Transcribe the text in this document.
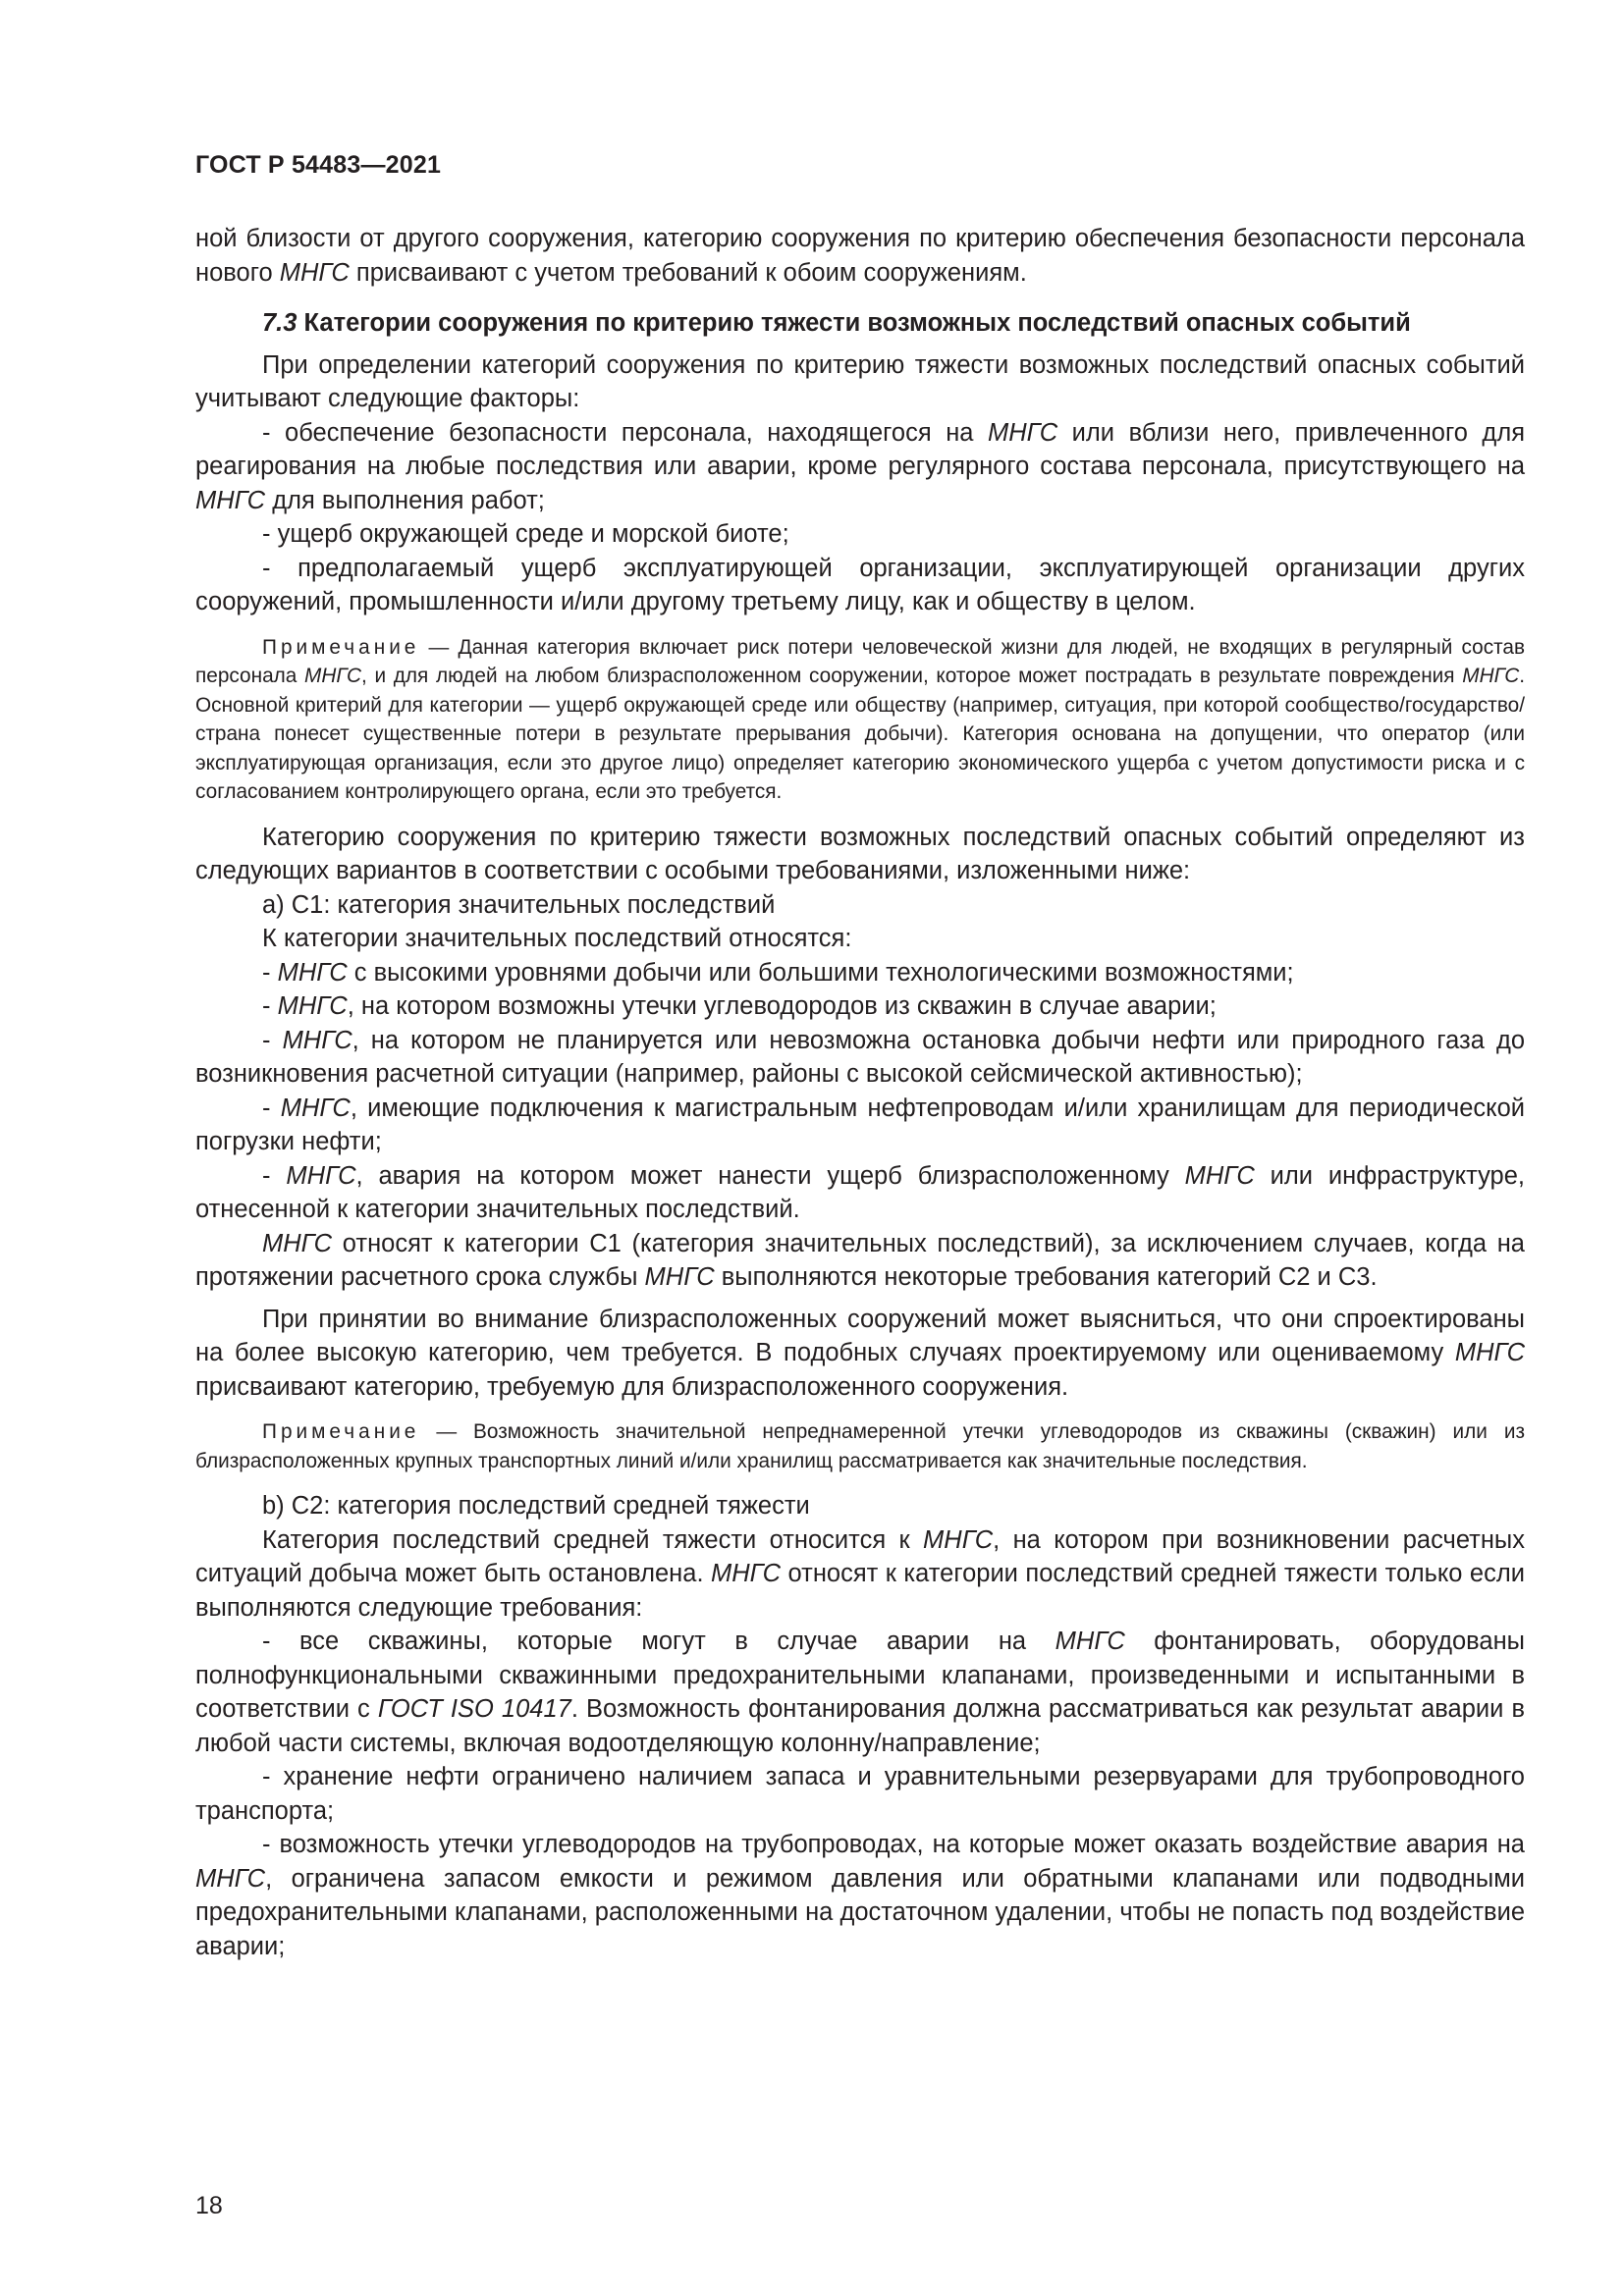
ГОСТ Р 54483—2021

ной близости от другого сооружения, категорию сооружения по критерию обеспечения безопасности персонала нового МНГС присваивают с учетом требований к обоим сооружениям.

7.3 Категории сооружения по критерию тяжести возможных последствий опасных событий

При определении категорий сооружения по критерию тяжести возможных последствий опасных событий учитывают следующие факторы:

- обеспечение безопасности персонала, находящегося на МНГС или вблизи него, привлеченного для реагирования на любые последствия или аварии, кроме регулярного состава персонала, присутствующего на МНГС для выполнения работ;

- ущерб окружающей среде и морской биоте;

- предполагаемый ущерб эксплуатирующей организации, эксплуатирующей организации других сооружений, промышленности и/или другому третьему лицу, как и обществу в целом.

Примечание — Данная категория включает риск потери человеческой жизни для людей, не входящих в регулярный состав персонала МНГС, и для людей на любом близрасположенном сооружении, которое может пострадать в результате повреждения МНГС. Основной критерий для категории — ущерб окружающей среде или обществу (например, ситуация, при которой сообщество/государство/страна понесет существенные потери в результате прерывания добычи). Категория основана на допущении, что оператор (или эксплуатирующая организация, если это другое лицо) определяет категорию экономического ущерба с учетом допустимости риска и с согласованием контролирующего органа, если это требуется.

Категорию сооружения по критерию тяжести возможных последствий опасных событий определяют из следующих вариантов в соответствии с особыми требованиями, изложенными ниже:

а) С1: категория значительных последствий

К категории значительных последствий относятся:

- МНГС с высокими уровнями добычи или большими технологическими возможностями;

- МНГС, на котором возможны утечки углеводородов из скважин в случае аварии;

- МНГС, на котором не планируется или невозможна остановка добычи нефти или природного газа до возникновения расчетной ситуации (например, районы с высокой сейсмической активностью);

- МНГС, имеющие подключения к магистральным нефтепроводам и/или хранилищам для периодической погрузки нефти;

- МНГС, авария на котором может нанести ущерб близрасположенному МНГС или инфраструктуре, отнесенной к категории значительных последствий.

МНГС относят к категории С1 (категория значительных последствий), за исключением случаев, когда на протяжении расчетного срока службы МНГС выполняются некоторые требования категорий С2 и С3.

При принятии во внимание близрасположенных сооружений может выясниться, что они спроектированы на более высокую категорию, чем требуется. В подобных случаях проектируемому или оцениваемому МНГС присваивают категорию, требуемую для близрасположенного сооружения.

Примечание — Возможность значительной непреднамеренной утечки углеводородов из скважины (скважин) или из близрасположенных крупных транспортных линий и/или хранилищ рассматривается как значительные последствия.

b) С2: категория последствий средней тяжести

Категория последствий средней тяжести относится к МНГС, на котором при возникновении расчетных ситуаций добыча может быть остановлена. МНГС относят к категории последствий средней тяжести только если выполняются следующие требования:

- все скважины, которые могут в случае аварии на МНГС фонтанировать, оборудованы полнофункциональными скважинными предохранительными клапанами, произведенными и испытанными в соответствии с ГОСТ ISO 10417. Возможность фонтанирования должна рассматриваться как результат аварии в любой части системы, включая водоотделяющую колонну/направление;

- хранение нефти ограничено наличием запаса и уравнительными резервуарами для трубопроводного транспорта;

- возможность утечки углеводородов на трубопроводах, на которые может оказать воздействие авария на МНГС, ограничена запасом емкости и режимом давления или обратными клапанами или подводными предохранительными клапанами, расположенными на достаточном удалении, чтобы не попасть под воздействие аварии;

18
